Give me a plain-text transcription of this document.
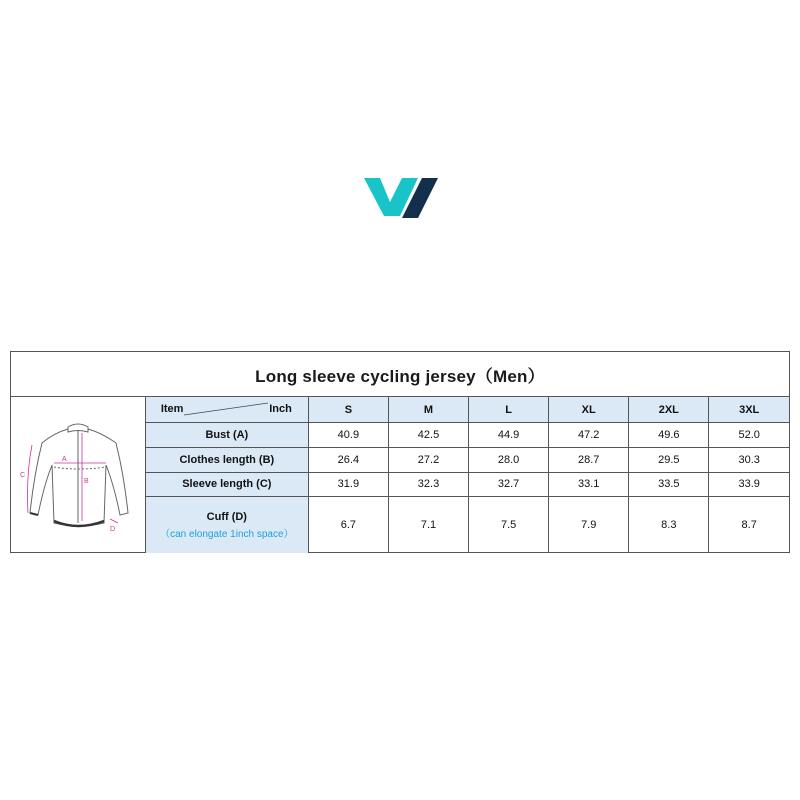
Long sleeve cycling jersey（Men）
A
B
C
D
Item Inch	S	M	L	XL	2XL	3XL
Bust (A)	40.9	42.5	44.9	47.2	49.6	52.0
Clothes length (B)	26.4	27.2	28.0	28.7	29.5	30.3
Sleeve length (C)	31.9	32.3	32.7	33.1	33.5	33.9
Cuff (D)
（can elongate 1inch space）	6.7	7.1	7.5	7.9	8.3	8.7
